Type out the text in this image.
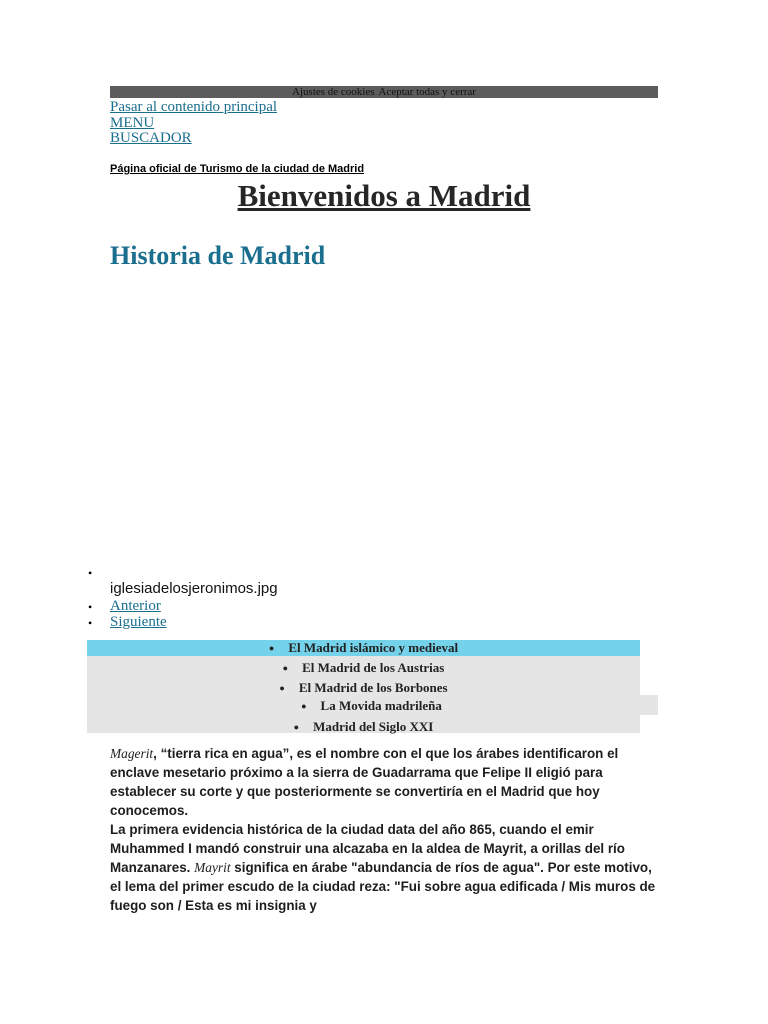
Ajustes de cookies Aceptar todas y cerrar
Pasar al contenido principal
MENU
BUSCADOR
Página oficial de Turismo de la ciudad de Madrid
Bienvenidos a Madrid
Historia de Madrid
•
iglesiadelosjeronimos.jpg
• Anterior
• Siguiente
● El Madrid islámico y medieval
● El Madrid de los Austrias
● El Madrid de los Borbones
● La Movida madrileña
● Madrid del Siglo XXI

Magerit, “tierra rica en agua”, es el nombre con el que los árabes identificaron el enclave mesetario próximo a la sierra de Guadarrama que Felipe II eligió para establecer su corte y que posteriormente se convertiría en el Madrid que hoy conocemos.

La primera evidencia histórica de la ciudad data del año 865, cuando el emir Muhammed I mandó construir una alcazaba en la aldea de Mayrit, a orillas del río Manzanares. Mayrit significa en árabe "abundancia de ríos de agua". Por este motivo, el lema del primer escudo de la ciudad reza: "Fui sobre agua edificada / Mis muros de fuego son / Esta es mi insignia y
